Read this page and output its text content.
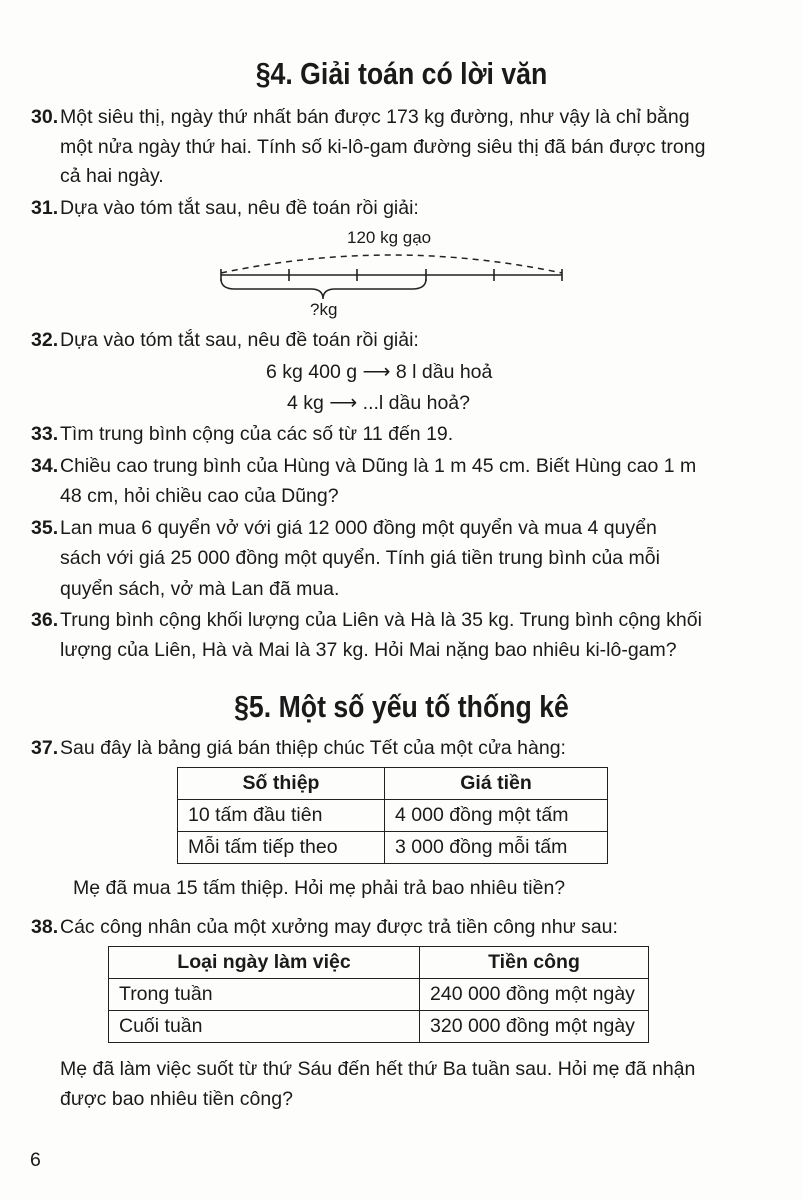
§4. Giải toán có lời văn
30. Một siêu thị, ngày thứ nhất bán được 173 kg đường, như vậy là chỉ bằng
một nửa ngày thứ hai. Tính số ki-lô-gam đường siêu thị đã bán được trong
cả hai ngày.
31. Dựa vào tóm tắt sau, nêu đề toán rồi giải:
120 kg gạo
?kg
32. Dựa vào tóm tắt sau, nêu đề toán rồi giải:
6 kg 400 g ⟶ 8 l dầu hoả
4 kg ⟶ ...l dầu hoả?
33. Tìm trung bình cộng của các số từ 11 đến 19.
34. Chiều cao trung bình của Hùng và Dũng là 1 m 45 cm. Biết Hùng cao 1 m
48 cm, hỏi chiều cao của Dũng?
35. Lan mua 6 quyển vở với giá 12 000 đồng một quyển và mua 4 quyển
sách với giá 25 000 đồng một quyển. Tính giá tiền trung bình của mỗi
quyển sách, vở mà Lan đã mua.
36. Trung bình cộng khối lượng của Liên và Hà là 35 kg. Trung bình cộng khối
lượng của Liên, Hà và Mai là 37 kg. Hỏi Mai nặng bao nhiêu ki-lô-gam?
§5. Một số yếu tố thống kê
37. Sau đây là bảng giá bán thiệp chúc Tết của một cửa hàng:
Số thiệp	Giá tiền
10 tấm đầu tiên	4 000 đồng một tấm
Mỗi tấm tiếp theo	3 000 đồng mỗi tấm
Mẹ đã mua 15 tấm thiệp. Hỏi mẹ phải trả bao nhiêu tiền?
38. Các công nhân của một xưởng may được trả tiền công như sau:
Loại ngày làm việc	Tiền công
Trong tuần	240 000 đồng một ngày
Cuối tuần	320 000 đồng một ngày
Mẹ đã làm việc suốt từ thứ Sáu đến hết thứ Ba tuần sau. Hỏi mẹ đã nhận
được bao nhiêu tiền công?
6
